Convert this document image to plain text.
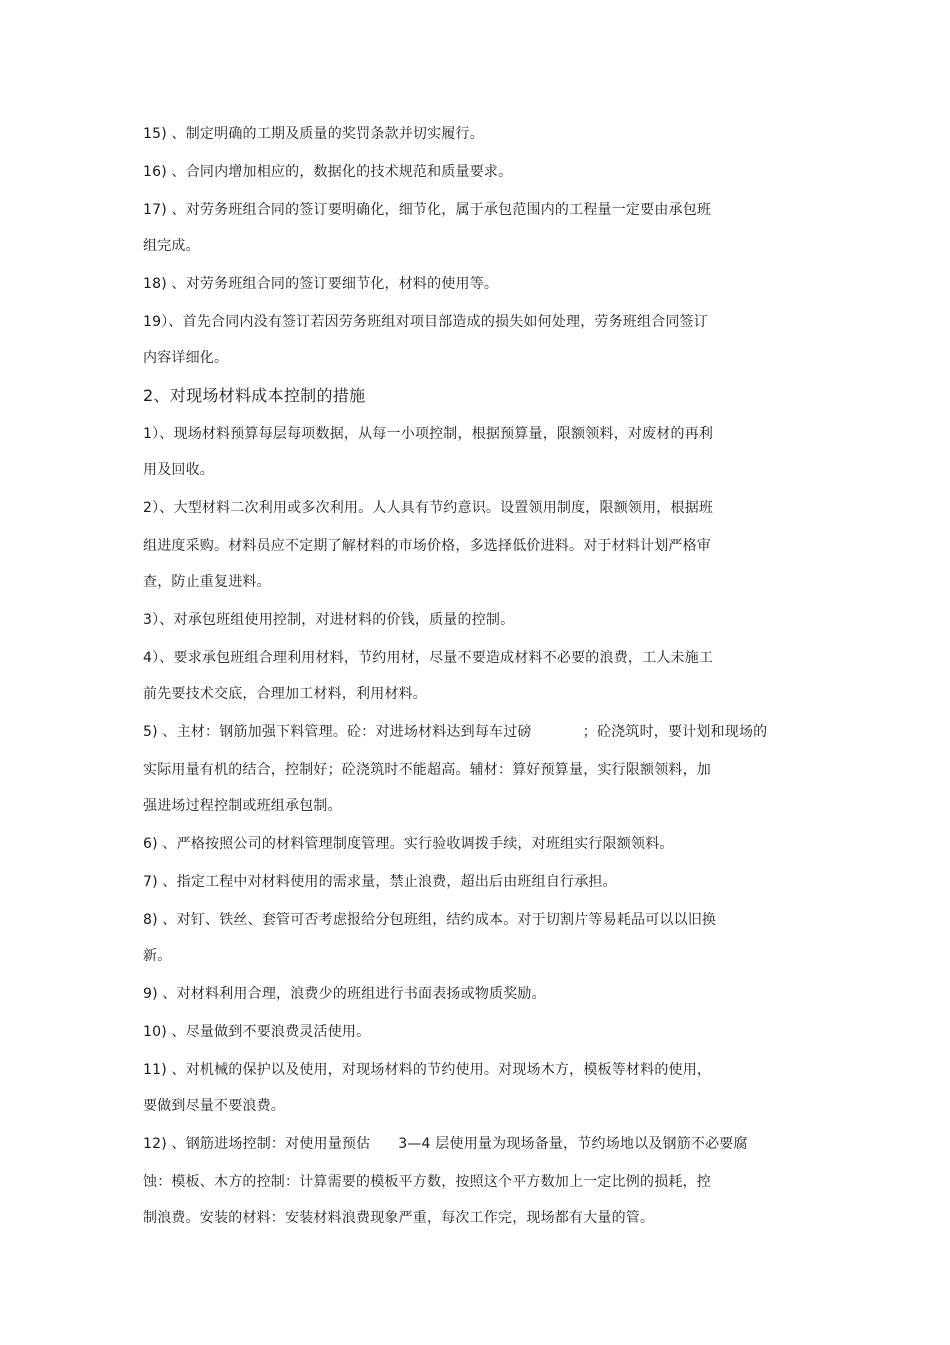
15) 、制定明确的工期及质量的奖罚条款并切实履行。
16) 、合同内增加相应的，数据化的技术规范和质量要求。
17) 、对劳务班组合同的签订要明确化，细节化，属于承包范围内的工程量一定要由承包班
组完成。
18) 、对劳务班组合同的签订要细节化，材料的使用等。
19）、首先合同内没有签订若因劳务班组对项目部造成的损失如何处理，劳务班组合同签订
内容详细化。
2、对现场材料成本控制的措施
1）、现场材料预算每层每项数据，从每一小项控制，根据预算量，限额领料，对废材的再利
用及回收。
2）、大型材料二次利用或多次利用。人人具有节约意识。设置领用制度，限额领用，根据班
组进度采购。材料员应不定期了解材料的市场价格，多选择低价进料。对于材料计划严格审
查，防止重复进料。
3）、对承包班组使用控制，对进材料的价钱，质量的控制。
4）、要求承包班组合理利用材料，节约用材，尽量不要造成材料不必要的浪费，工人未施工
前先要技术交底，合理加工材料，利用材料。
5) 、主材：钢筋加强下料管理。砼：对进场材料达到每车过磅           ；砼浇筑时，要计划和现场的
实际用量有机的结合，控制好；砼浇筑时不能超高。辅材：算好预算量，实行限额领料，加
强进场过程控制或班组承包制。
6) 、严格按照公司的材料管理制度管理。实行验收调拨手续，对班组实行限额领料。
7) 、指定工程中对材料使用的需求量，禁止浪费，超出后由班组自行承担。
8) 、对钉、铁丝、套管可否考虑报给分包班组，结约成本。对于切割片等易耗品可以以旧换
新。
9) 、对材料利用合理，浪费少的班组进行书面表扬或物质奖励。
10) 、尽量做到不要浪费灵活使用。
11) 、对机械的保护以及使用，对现场材料的节约使用。对现场木方，模板等材料的使用，
要做到尽量不要浪费。
12) 、钢筋进场控制：对使用量预估      3—4 层使用量为现场备量，节约场地以及钢筋不必要腐
蚀：模板、木方的控制：计算需要的模板平方数，按照这个平方数加上一定比例的损耗，控
制浪费。安装的材料：安装材料浪费现象严重，每次工作完，现场都有大量的管。
